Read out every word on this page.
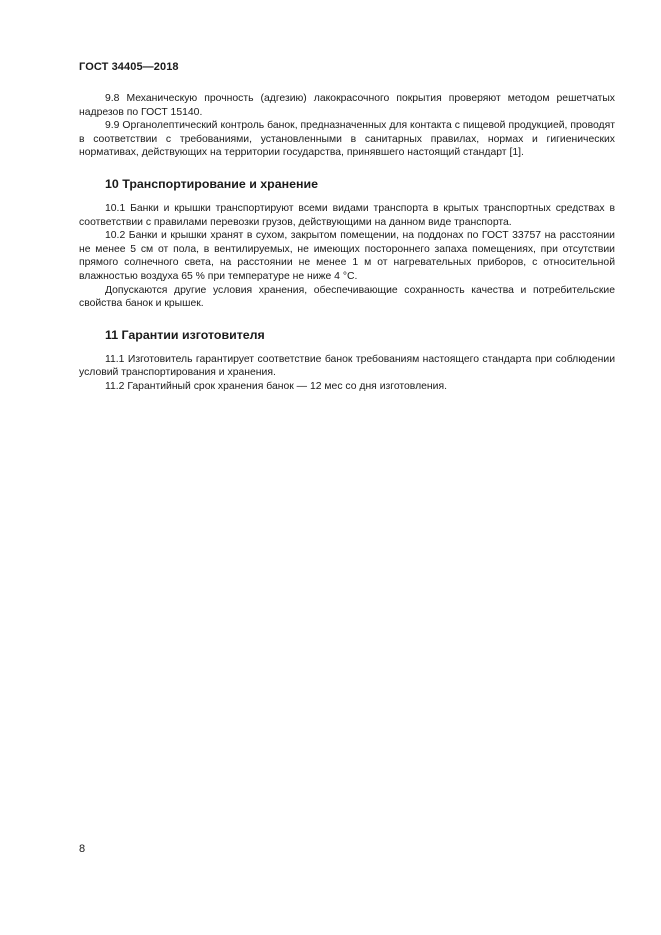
ГОСТ 34405—2018

9.8 Механическую прочность (адгезию) лакокрасочного покрытия проверяют методом решетчатых надрезов по ГОСТ 15140.

9.9 Органолептический контроль банок, предназначенных для контакта с пищевой продукцией, проводят в соответствии с требованиями, установленными в санитарных правилах, нормах и гигиенических нормативах, действующих на территории государства, принявшего настоящий стандарт [1].

10 Транспортирование и хранение

10.1 Банки и крышки транспортируют всеми видами транспорта в крытых транспортных средствах в соответствии с правилами перевозки грузов, действующими на данном виде транспорта.

10.2 Банки и крышки хранят в сухом, закрытом помещении, на поддонах по ГОСТ 33757 на расстоянии не менее 5 см от пола, в вентилируемых, не имеющих постороннего запаха помещениях, при отсутствии прямого солнечного света, на расстоянии не менее 1 м от нагревательных приборов, с относительной влажностью воздуха 65 % при температуре не ниже 4 °С.

Допускаются другие условия хранения, обеспечивающие сохранность качества и потребительские свойства банок и крышек.

11 Гарантии изготовителя

11.1 Изготовитель гарантирует соответствие банок требованиям настоящего стандарта при соблюдении условий транспортирования и хранения.

11.2 Гарантийный срок хранения банок — 12 мес со дня изготовления.

8
